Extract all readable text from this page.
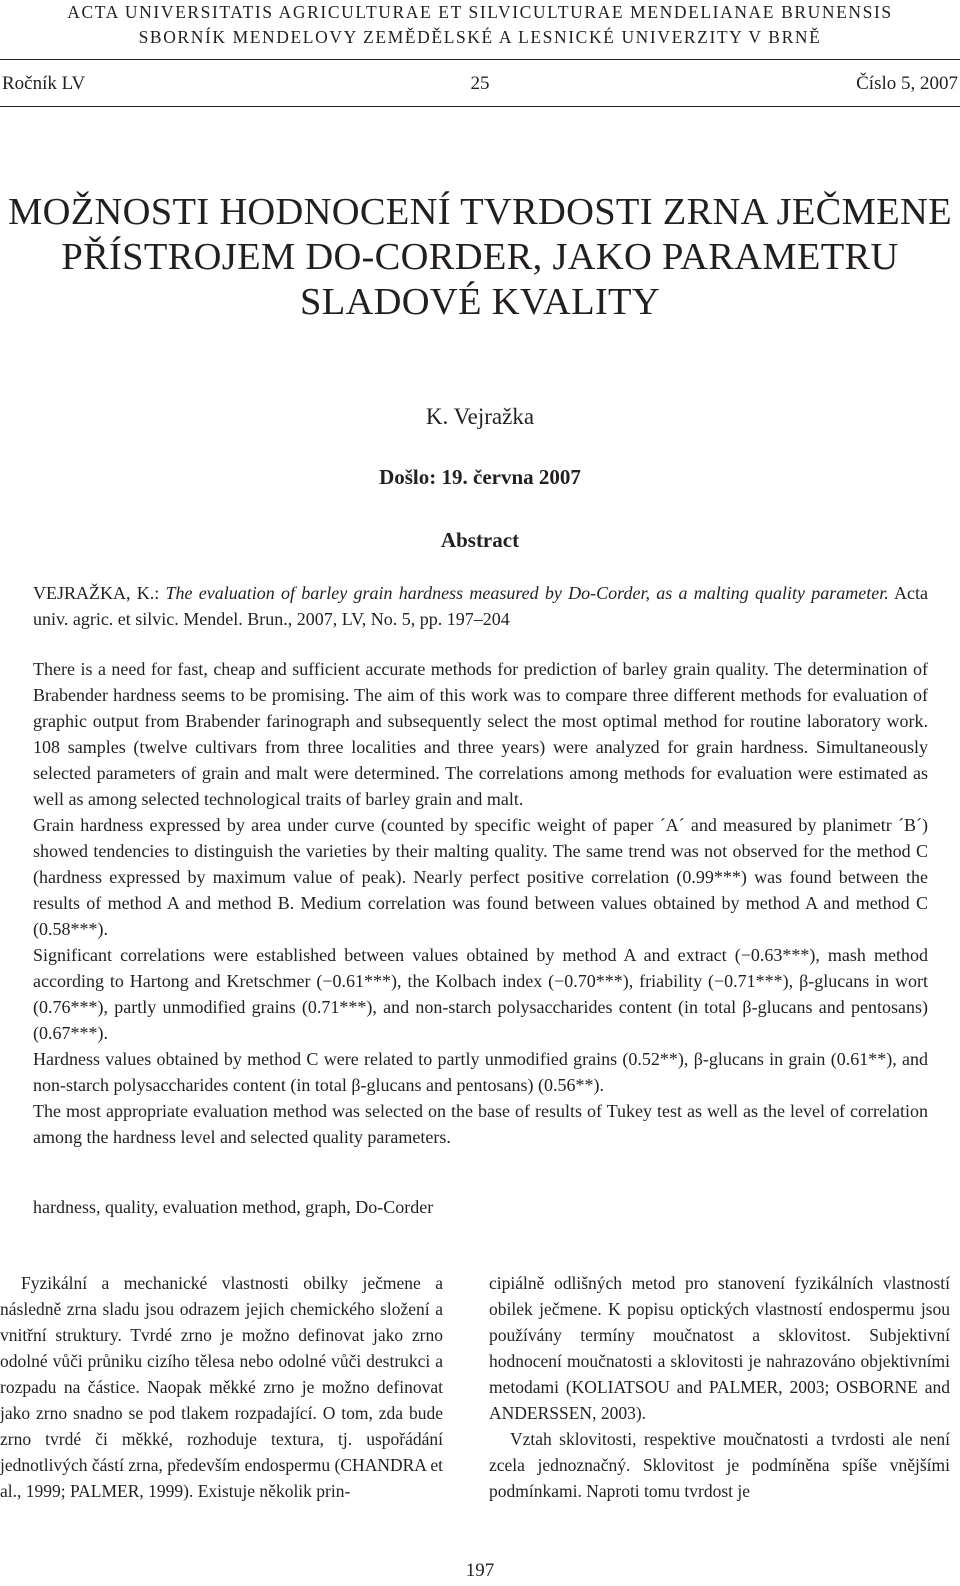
ACTA UNIVERSITATIS AGRICULTURAE ET SILVICULTURAE MENDELIANAE BRUNENSIS
SBORNÍK MENDELOVY ZEMĚDĚLSKÉ A LESNICKÉ UNIVERZITY V BRNĚ
Ročník LV	25	Číslo 5, 2007
MOŽNOSTI HODNOCENÍ TVRDOSTI ZRNA JEČMENE
PŘÍSTROJEM DO-CORDER, JAKO PARAMETRU
SLADOVÉ KVALITY
K. Vejražka
Došlo: 19. června 2007
Abstract
VEJRAŽKA, K.: The evaluation of barley grain hardness measured by Do-Corder, as a malting quality parameter. Acta univ. agric. et silvic. Mendel. Brun., 2007, LV, No. 5, pp. 197–204

There is a need for fast, cheap and sufficient accurate methods for prediction of barley grain quality. The determination of Brabender hardness seems to be promising. The aim of this work was to compare three different methods for evaluation of graphic output from Brabender farinograph and subsequently select the most optimal method for routine laboratory work. 108 samples (twelve cultivars from three localities and three years) were analyzed for grain hardness. Simultaneously selected parameters of grain and malt were determined. The correlations among methods for evaluation were estimated as well as among selected technological traits of barley grain and malt.

Grain hardness expressed by area under curve (counted by specific weight of paper ´A´ and measured by planimetr ´B´) showed tendencies to distinguish the varieties by their malting quality. The same trend was not observed for the method C (hardness expressed by maximum value of peak). Nearly perfect positive correlation (0.99***) was found between the results of method A and method B. Medium correlation was found between values obtained by method A and method C (0.58***).

Significant correlations were established between values obtained by method A and extract (−0.63***), mash method according to Hartong and Kretschmer (−0.61***), the Kolbach index (−0.70***), friability (−0.71***), β-glucans in wort (0.76***), partly unmodified grains (0.71***), and non-starch polysaccharides content (in total β-glucans and pentosans) (0.67***).

Hardness values obtained by method C were related to partly unmodified grains (0.52**), β-glucans in grain (0.61**), and non-starch polysaccharides content (in total β-glucans and pentosans) (0.56**).

The most appropriate evaluation method was selected on the base of results of Tukey test as well as the level of correlation among the hardness level and selected quality parameters.

hardness, quality, evaluation method, graph, Do-Corder

Fyzikální a mechanické vlastnosti obilky ječmene a následně zrna sladu jsou odrazem jejich chemického složení a vnitřní struktury. Tvrdé zrno je možno definovat jako zrno odolné vůči průniku cizího tělesa nebo odolné vůči destrukci a rozpadu na částice. Naopak měkké zrno je možno definovat jako zrno snadno se pod tlakem rozpadající. O tom, zda bude zrno tvrdé či měkké, rozhoduje textura, tj. uspořádání jednotlivých částí zrna, především endospermu (CHANDRA et al., 1999; PALMER, 1999). Existuje několik prin-

cipiálně odlišných metod pro stanovení fyzikálních vlastností obilek ječmene. K popisu optických vlastností endospermu jsou používány termíny moučnatost a sklovitost. Subjektivní hodnocení moučnatosti a sklovitosti je nahrazováno objektivními metodami (KOLIATSOU and PALMER, 2003; OSBORNE and ANDERSSEN, 2003).

Vztah sklovitosti, respektive moučnatosti a tvrdosti ale není zcela jednoznačný. Sklovitost je podmíněna spíše vnějšími podmínkami. Naproti tomu tvrdost je

197
